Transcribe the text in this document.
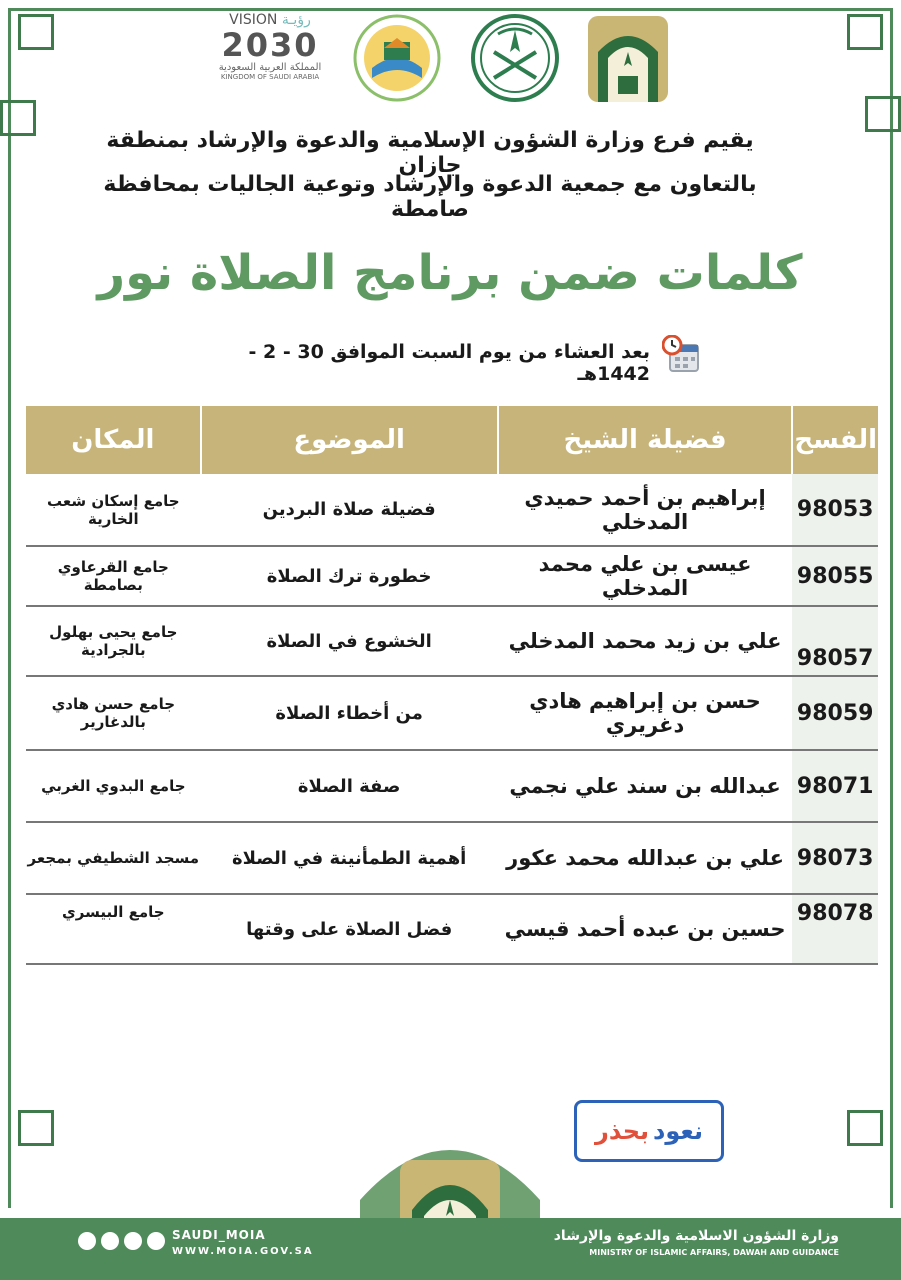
VISION رؤيـة
2030
المملكة العربية السعودية
KINGDOM OF SAUDI ARABIA
يقيم فرع وزارة الشؤون الإسلامية والدعوة والإرشاد بمنطقة جازان
بالتعاون مع جمعية الدعوة والإرشاد وتوعية الجاليات بمحافظة صامطة
كلمات ضمن برنامج الصلاة نور
بعد العشاء من يوم السبت الموافق 30 - 2 - 1442هـ
الفسح	فضيلة الشيخ	الموضوع	المكان
98053	إبراهيم بن أحمد حميدي المدخلي	فضيلة صلاة البردين	جامع إسكان شعب الخارية
98055	عيسى بن علي محمد المدخلي	خطورة ترك الصلاة	جامع القرعاوي بصامطة
98057	علي بن زيد محمد المدخلي	الخشوع في الصلاة	جامع يحيى بهلول بالجرادية
98059	حسن بن إبراهيم هادي دغريري	من أخطاء الصلاة	جامع حسن هادي بالدغارير
98071	عبدالله بن سند علي نجمي	صفة الصلاة	جامع البدوي الغربي
98073	علي بن عبدالله محمد عكور	أهمية الطمأنينة في الصلاة	مسجد الشطيفي بمجعر
98078	حسين بن عبده أحمد قيسي	فضل الصلاة على وقتها	جامع البيسري
نعود
بحذر
وزارة الشؤون الاسلامية والدعوة والإرشاد
MINISTRY OF ISLAMIC AFFAIRS, DAWAH AND GUIDANCE
SAUDI_MOIA
WWW.MOIA.GOV.SA
